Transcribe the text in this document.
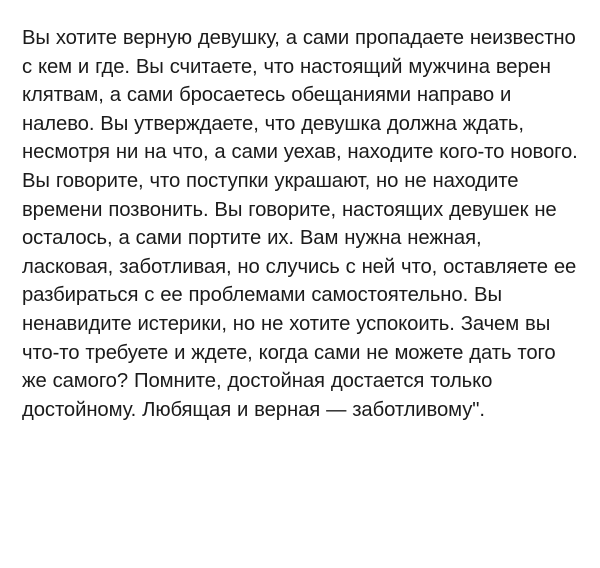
Вы хотите верную девушку, а сами пропадаете неизвестно с кем и где. Вы считаете, что настоящий мужчина верен клятвам, а сами бросаетесь обещаниями направо и налево. Вы утверждаете, что девушка должна ждать, несмотря ни на что, а сами уехав, находите кого-то нового. Вы говорите, что поступки украшают, но не находите времени позвонить. Вы говорите, настоящих девушек не осталось, а сами портите их. Вам нужна нежная, ласковая, заботливая, но случись с ней что, оставляете ее разбираться с ее проблемами самостоятельно. Вы ненавидите истерики, но не хотите успокоить. Зачем вы что-то требуете и ждете, когда сами не можете дать того же самого? Помните, достойная достается только достойному. Любящая и верная — заботливому".
